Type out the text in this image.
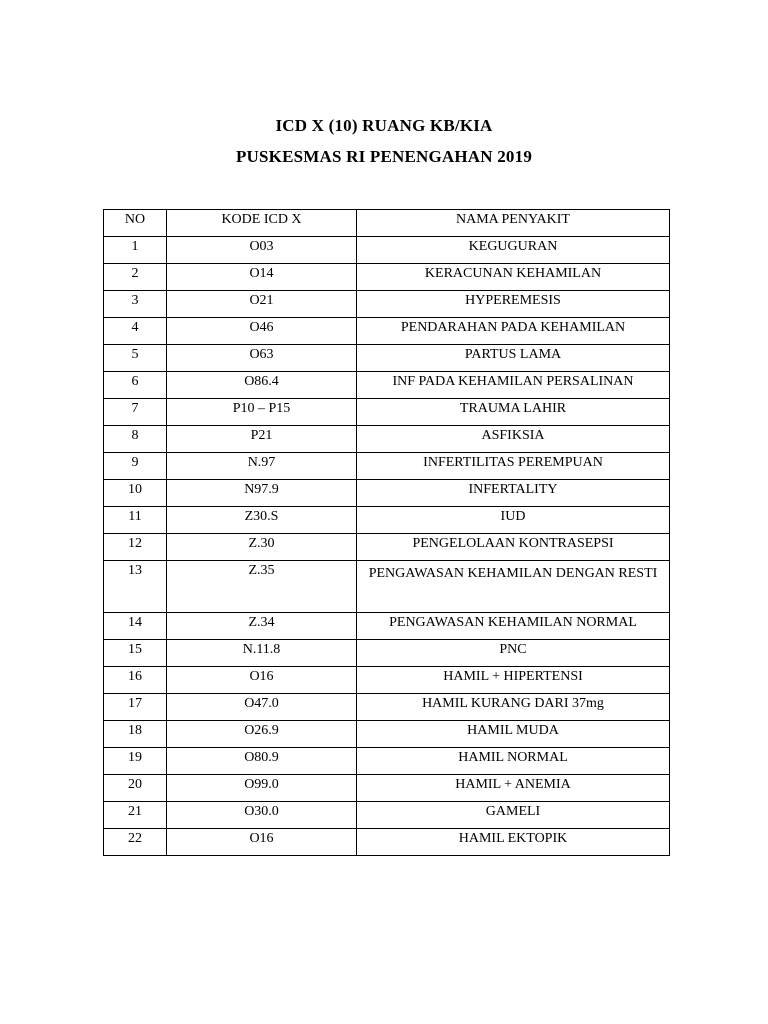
ICD X (10) RUANG KB/KIA
PUSKESMAS RI PENENGAHAN 2019
NO	KODE ICD X	NAMA PENYAKIT
1	O03	KEGUGURAN
2	O14	KERACUNAN KEHAMILAN
3	O21	HYPEREMESIS
4	O46	PENDARAHAN PADA KEHAMILAN
5	O63	PARTUS LAMA
6	O86.4	INF PADA KEHAMILAN PERSALINAN
7	P10 – P15	TRAUMA LAHIR
8	P21	ASFIKSIA
9	N.97	INFERTILITAS PEREMPUAN
10	N97.9	INFERTALITY
11	Z30.S	IUD
12	Z.30	PENGELOLAAN KONTRASEPSI
13	Z.35	PENGAWASAN KEHAMILAN DENGAN RESTI
14	Z.34	PENGAWASAN KEHAMILAN NORMAL
15	N.11.8	PNC
16	O16	HAMIL + HIPERTENSI
17	O47.0	HAMIL KURANG DARI 37mg
18	O26.9	HAMIL MUDA
19	O80.9	HAMIL NORMAL
20	O99.0	HAMIL + ANEMIA
21	O30.0	GAMELI
22	O16	HAMIL EKTOPIK
